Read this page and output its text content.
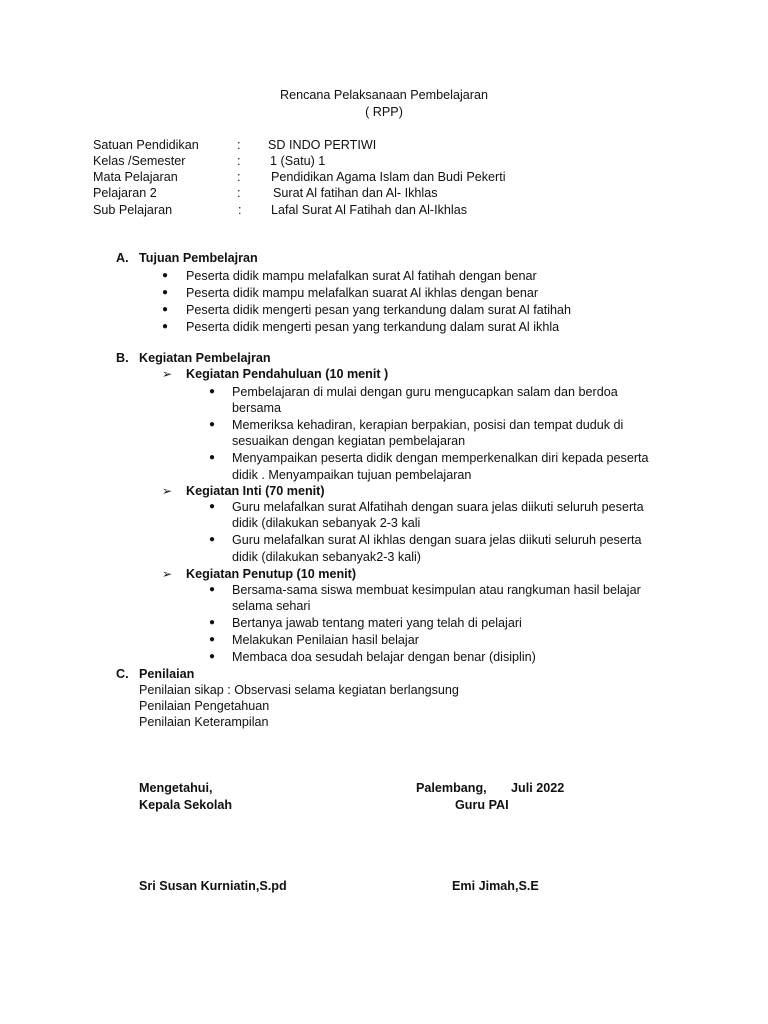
Rencana Pelaksanaan Pembelajaran
( RPP)
Satuan Pendidikan	: SD INDO PERTIWI
Kelas /Semester	: 1 (Satu) 1
Mata Pelajaran	: Pendidikan Agama Islam dan Budi Pekerti
Pelajaran 2	:	Surat Al fatihan dan Al- Ikhlas
Sub Pelajaran	: Lafal Surat Al Fatihah dan Al-Ikhlas
A. Tujuan Pembelajran
● Peserta didik mampu melafalkan surat Al fatihah dengan benar
● Peserta didik mampu melafalkan suarat Al ikhlas dengan benar
● Peserta didik mengerti pesan yang terkandung dalam surat Al fatihah
● Peserta didik mengerti pesan yang terkandung dalam surat Al ikhla
B. Kegiatan Pembelajran
➢ Kegiatan Pendahuluan (10 menit )
● Pembelajaran di mulai dengan guru mengucapkan salam dan berdoa
bersama
● Memeriksa kehadiran, kerapian berpakian, posisi dan tempat duduk di
sesuaikan dengan kegiatan pembelajaran
● Menyampaikan peserta didik dengan memperkenalkan diri kepada peserta
didik . Menyampaikan tujuan pembelajaran
➢ Kegiatan Inti (70 menit)
● Guru melafalkan surat Alfatihah dengan suara jelas diikuti seluruh peserta
didik (dilakukan sebanyak 2-3 kali
● Guru melafalkan surat Al ikhlas dengan suara jelas diikuti seluruh peserta
didik (dilakukan sebanyak2-3 kali)
➢ Kegiatan Penutup (10 menit)
● Bersama-sama siswa membuat kesimpulan atau rangkuman hasil belajar
selama sehari
● Bertanya jawab tentang materi yang telah di pelajari
● Melakukan Penilaian hasil belajar
● Membaca doa sesudah belajar dengan benar (disiplin)
C. Penilaian
Penilaian sikap : Observasi selama kegiatan berlangsung
Penilaian Pengetahuan
Penilaian Keterampilan
Mengetahui,
Kepala Sekolah
Sri Susan Kurniatin,S.pd
Palembang, Juli 2022
Guru PAI
Emi Jimah,S.E
